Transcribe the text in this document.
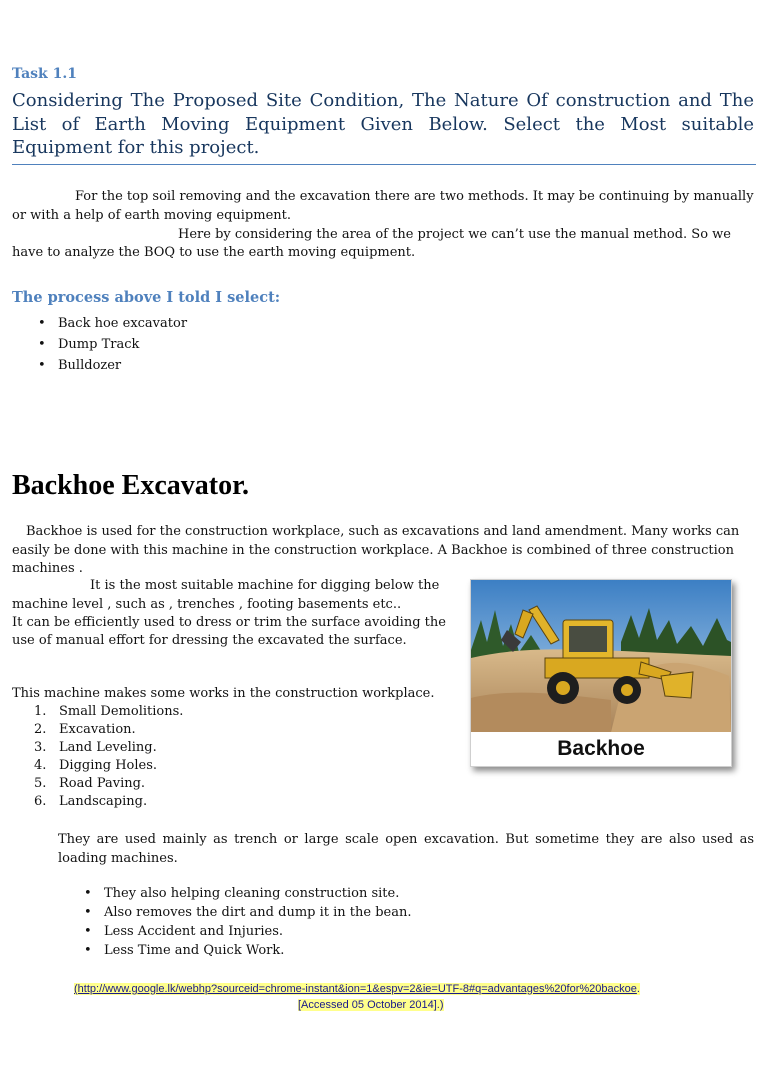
Task 1.1
Considering The Proposed Site Condition, The Nature Of construction and The List of Earth Moving Equipment Given Below. Select the Most suitable Equipment for this project.
For the top soil removing and the excavation there are two methods. It may be continuing by manually
or with a help of earth moving equipment.
Here by considering the area of the project we can’t use the manual method. So we
have to analyze the BOQ to use the earth moving equipment.
The process above I told I select:
• Back hoe excavator
• Dump Track
• Bulldozer
Backhoe Excavator.
Backhoe is used for the construction workplace, such as excavations and land amendment. Many works can
easily be done with this machine in the construction workplace. A Backhoe is combined of three construction
machines .
It is the most suitable machine for digging below the
machine level , such as , trenches , footing basements etc..
It can be efficiently used to dress or trim the surface avoiding the
use of manual effort for dressing the excavated the surface.
Backhoe
This machine makes some works in the construction workplace.
1. Small Demolitions.
2. Excavation.
3. Land Leveling.
4. Digging Holes.
5. Road Paving.
6. Landscaping.
They are used mainly as trench or large scale open excavation. But sometime they are also used as loading machines.
• They also helping cleaning construction site.
• Also removes the dirt and dump it in the bean.
• Less Accident and Injuries.
• Less Time and Quick Work.
(http://www.google.lk/webhp?sourceid=chrome-instant&ion=1&espv=2&ie=UTF-8#q=advantages%20for%20backoe.
[Accessed 05 October 2014].)
